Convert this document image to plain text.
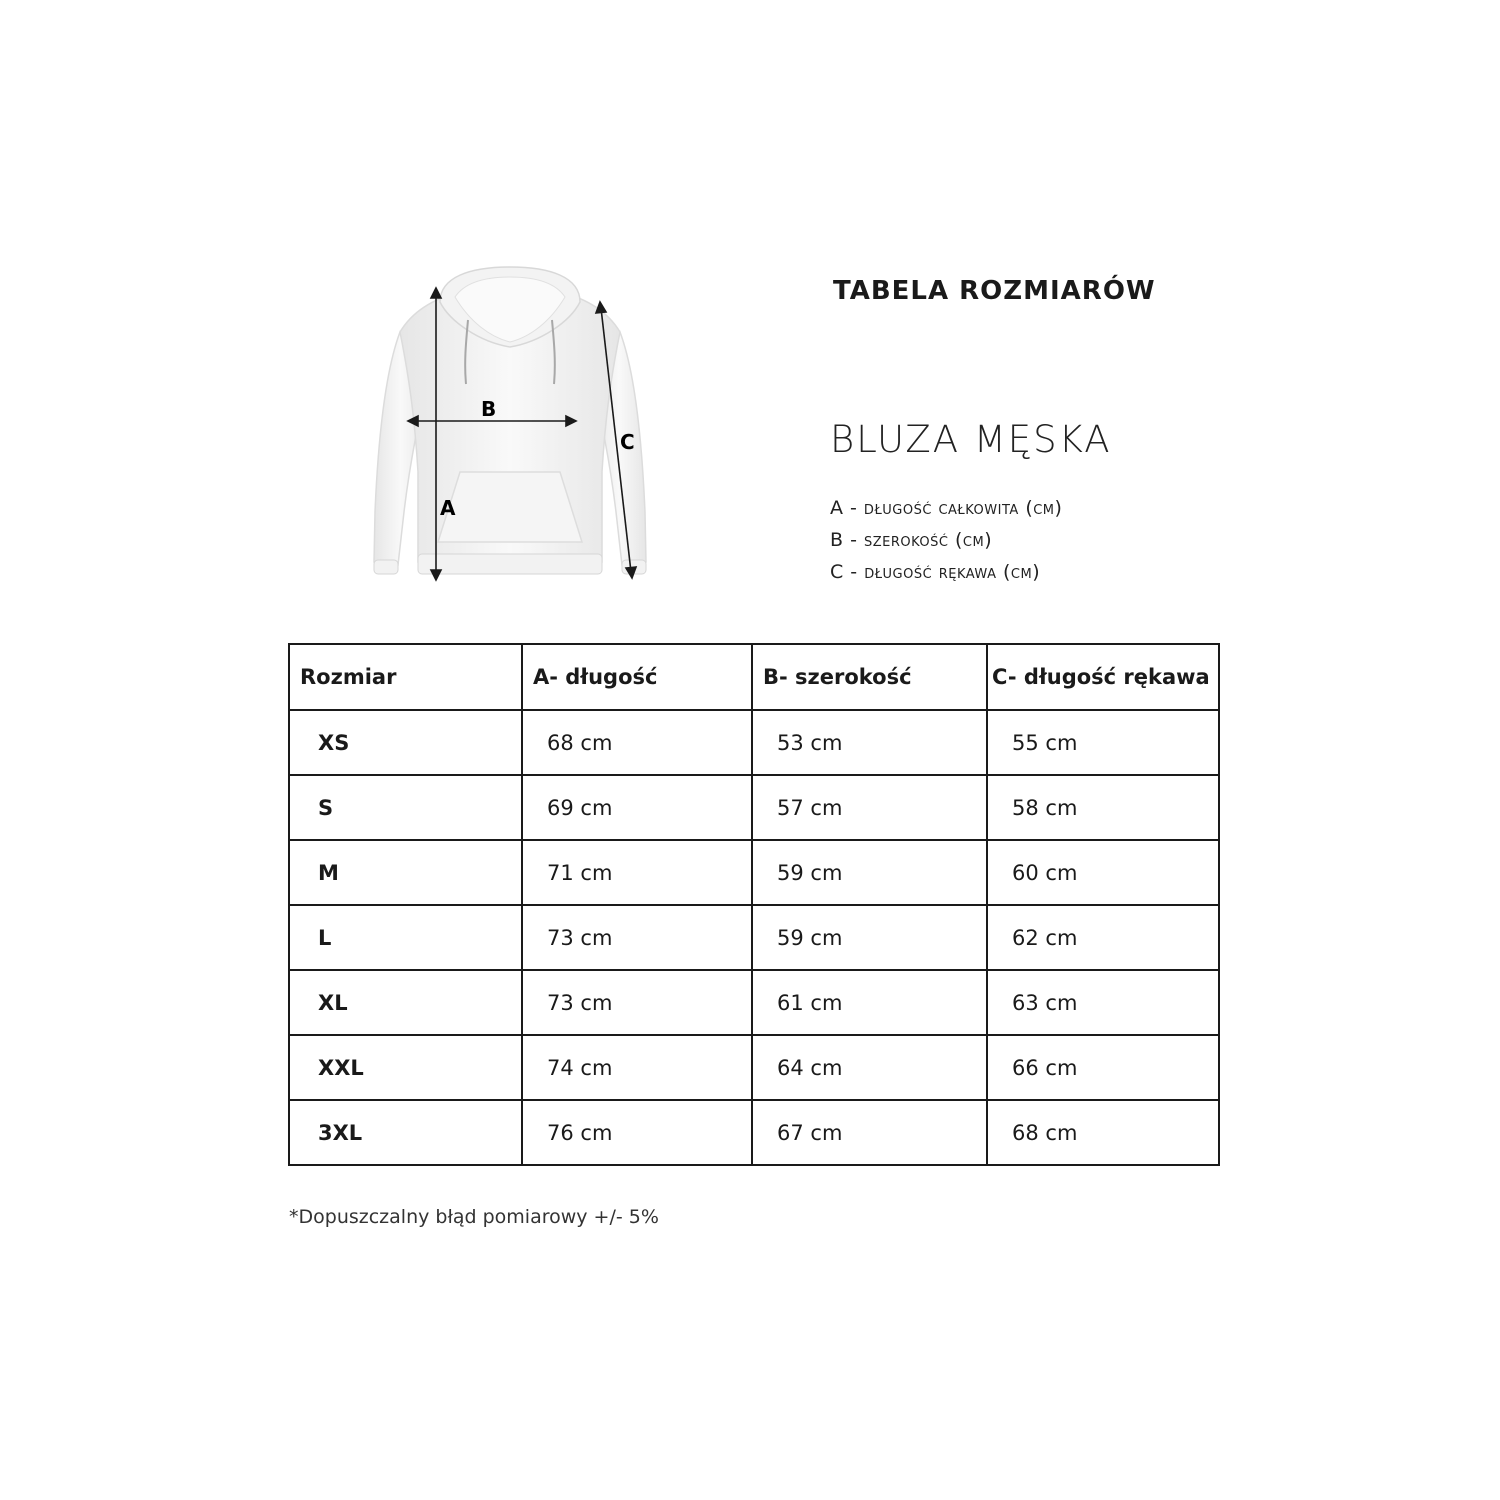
B
A
C
TABELA ROZMIARÓW
BLUZA MĘSKA
A - długość całkowita (cm)
B - szerokość (cm)
C - długość rękawa (cm)
Rozmiar	A- długość	B- szerokość	C- długość rękawa
XS	68 cm	53 cm	55 cm
S	69 cm	57 cm	58 cm
M	71 cm	59 cm	60 cm
L	73 cm	59 cm	62 cm
XL	73 cm	61 cm	63 cm
XXL	74 cm	64 cm	66 cm
3XL	76 cm	67 cm	68 cm
*Dopuszczalny błąd pomiarowy +/- 5%
